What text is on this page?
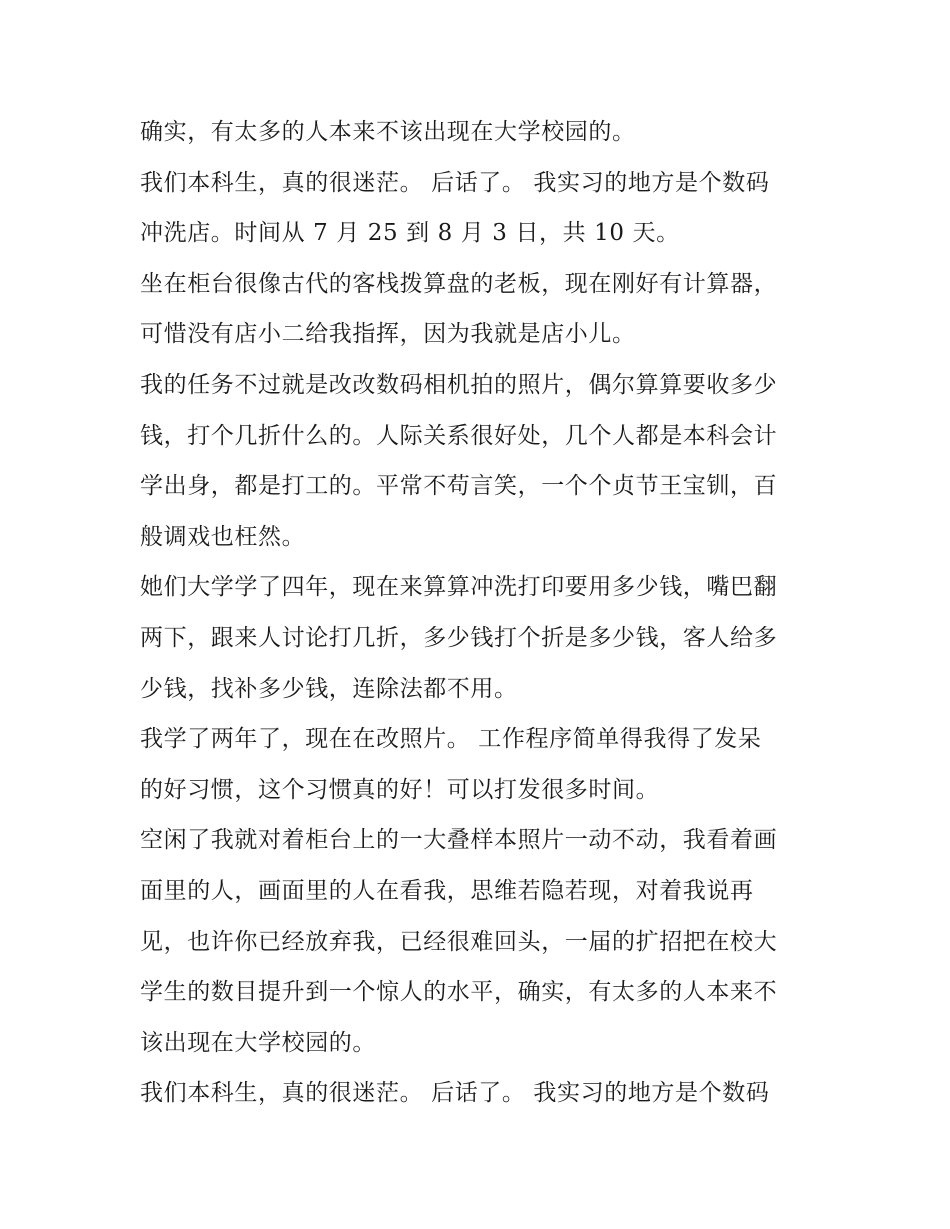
确实，有太多的人本来不该出现在大学校园的。
我们本科生，真的很迷茫。 后话了。 我实习的地方是个数码
冲洗店。时间从 7 月 25 到 8 月 3 日，共 10 天。
坐在柜台很像古代的客栈拨算盘的老板，现在刚好有计算器，
可惜没有店小二给我指挥，因为我就是店小儿。
我的任务不过就是改改数码相机拍的照片，偶尔算算要收多少
钱，打个几折什么的。人际关系很好处，几个人都是本科会计
学出身，都是打工的。平常不苟言笑，一个个贞节王宝钏，百
般调戏也枉然。
她们大学学了四年，现在来算算冲洗打印要用多少钱，嘴巴翻
两下，跟来人讨论打几折，多少钱打个折是多少钱，客人给多
少钱，找补多少钱，连除法都不用。
我学了两年了，现在在改照片。 工作程序简单得我得了发呆
的好习惯，这个习惯真的好！可以打发很多时间。
空闲了我就对着柜台上的一大叠样本照片一动不动，我看着画
面里的人，画面里的人在看我，思维若隐若现，对着我说再
见，也许你已经放弃我，已经很难回头，一届的扩招把在校大
学生的数目提升到一个惊人的水平，确实，有太多的人本来不
该出现在大学校园的。
我们本科生，真的很迷茫。 后话了。 我实习的地方是个数码
